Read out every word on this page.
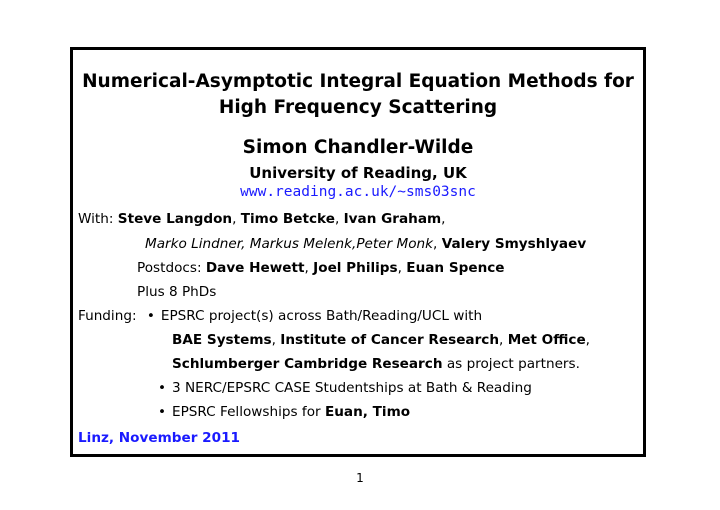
Numerical-Asymptotic Integral Equation Methods for
High Frequency Scattering
Simon Chandler-Wilde
University of Reading, UK
www.reading.ac.uk/~sms03snc
With: Steve Langdon, Timo Betcke, Ivan Graham,
Marko Lindner, Markus Melenk,Peter Monk, Valery Smyshlyaev
Postdocs: Dave Hewett, Joel Philips, Euan Spence
Plus 8 PhDs
Funding: • EPSRC project(s) across Bath/Reading/UCL with
BAE Systems, Institute of Cancer Research, Met Office,
Schlumberger Cambridge Research as project partners.
• 3 NERC/EPSRC CASE Studentships at Bath & Reading
• EPSRC Fellowships for Euan, Timo
Linz, November 2011
1
